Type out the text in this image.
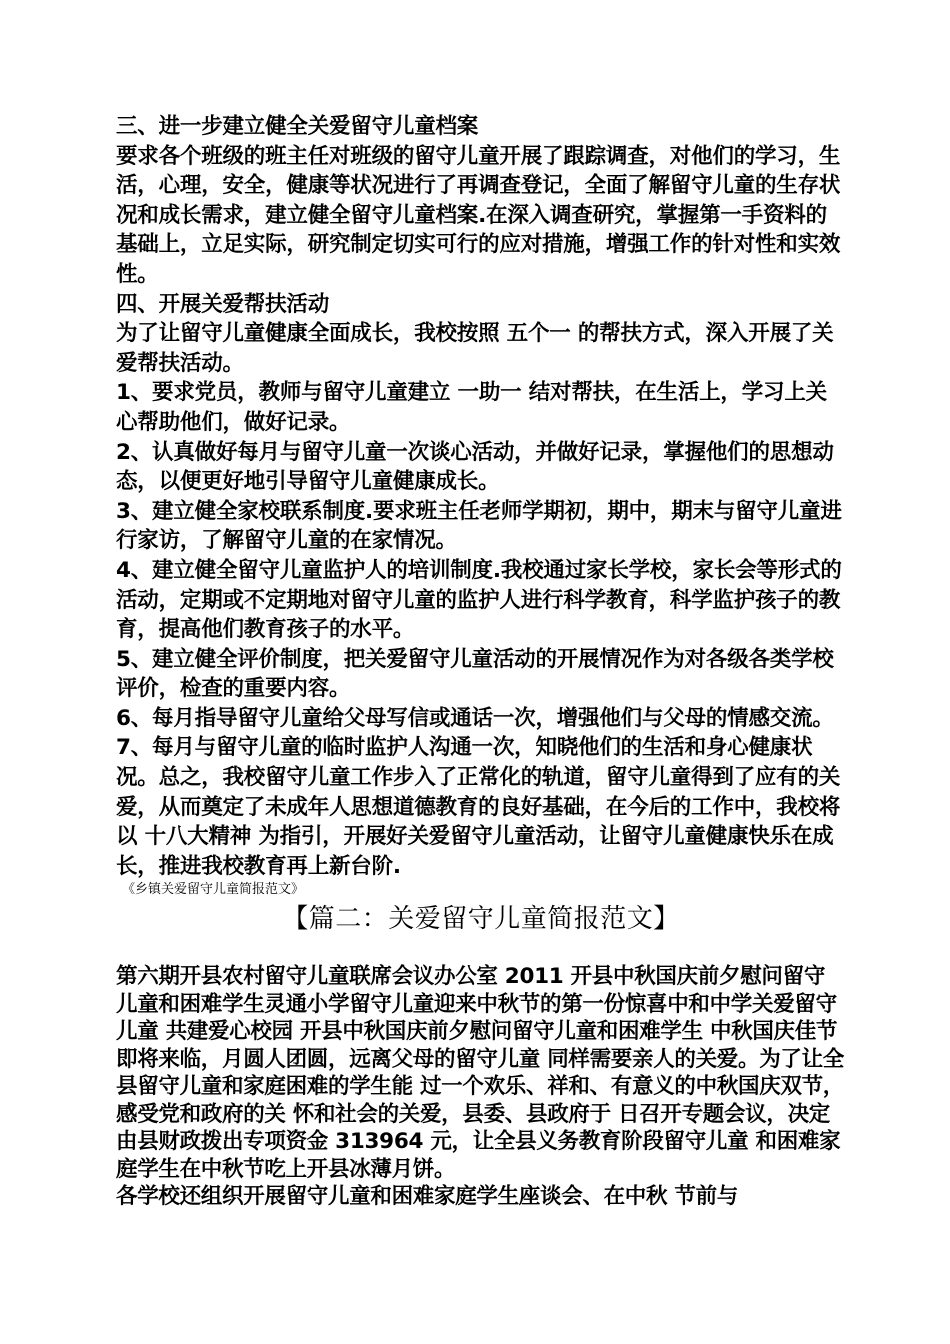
三、进一步建立健全关爱留守儿童档案

要求各个班级的班主任对班级的留守儿童开展了跟踪调查，对他们的学习，生活，心理，安全，健康等状况进行了再调查登记，全面了解留守儿童的生存状况和成长需求，建立健全留守儿童档案.在深入调查研究，掌握第一手资料的基础上，立足实际，研究制定切实可行的应对措施，增强工作的针对性和实效性。

四、开展关爱帮扶活动

为了让留守儿童健康全面成长，我校按照 五个一 的帮扶方式，深入开展了关爱帮扶活动。

1、要求党员，教师与留守儿童建立 一助一 结对帮扶，在生活上，学习上关心帮助他们，做好记录。

2、认真做好每月与留守儿童一次谈心活动，并做好记录，掌握他们的思想动态，以便更好地引导留守儿童健康成长。

3、建立健全家校联系制度.要求班主任老师学期初，期中，期末与留守儿童进行家访，了解留守儿童的在家情况。

4、建立健全留守儿童监护人的培训制度.我校通过家长学校，家长会等形式的活动，定期或不定期地对留守儿童的监护人进行科学教育，科学监护孩子的教育，提高他们教育孩子的水平。

5、建立健全评价制度，把关爱留守儿童活动的开展情况作为对各级各类学校评价，检查的重要内容。

6、每月指导留守儿童给父母写信或通话一次，增强他们与父母的情感交流。7、每月与留守儿童的临时监护人沟通一次，知晓他们的生活和身心健康状况。总之，我校留守儿童工作步入了正常化的轨道，留守儿童得到了应有的关爱，从而奠定了未成年人思想道德教育的良好基础，在今后的工作中，我校将以 十八大精神 为指引，开展好关爱留守儿童活动，让留守儿童健康快乐在成长，推进我校教育再上新台阶.

《乡镇关爱留守儿童简报范文》

【篇二：关爱留守儿童简报范文】

第六期开县农村留守儿童联席会议办公室 2011 开县中秋国庆前夕慰问留守儿童和困难学生灵通小学留守儿童迎来中秋节的第一份惊喜中和中学关爱留守儿童 共建爱心校园 开县中秋国庆前夕慰问留守儿童和困难学生 中秋国庆佳节即将来临，月圆人团圆，远离父母的留守儿童 同样需要亲人的关爱。为了让全县留守儿童和家庭困难的学生能 过一个欢乐、祥和、有意义的中秋国庆双节，感受党和政府的关 怀和社会的关爱，县委、县政府于 日召开专题会议，决定由县财政拨出专项资金 313964 元，让全县义务教育阶段留守儿童 和困难家庭学生在中秋节吃上开县冰薄月饼。

各学校还组织开展留守儿童和困难家庭学生座谈会、在中秋 节前与
